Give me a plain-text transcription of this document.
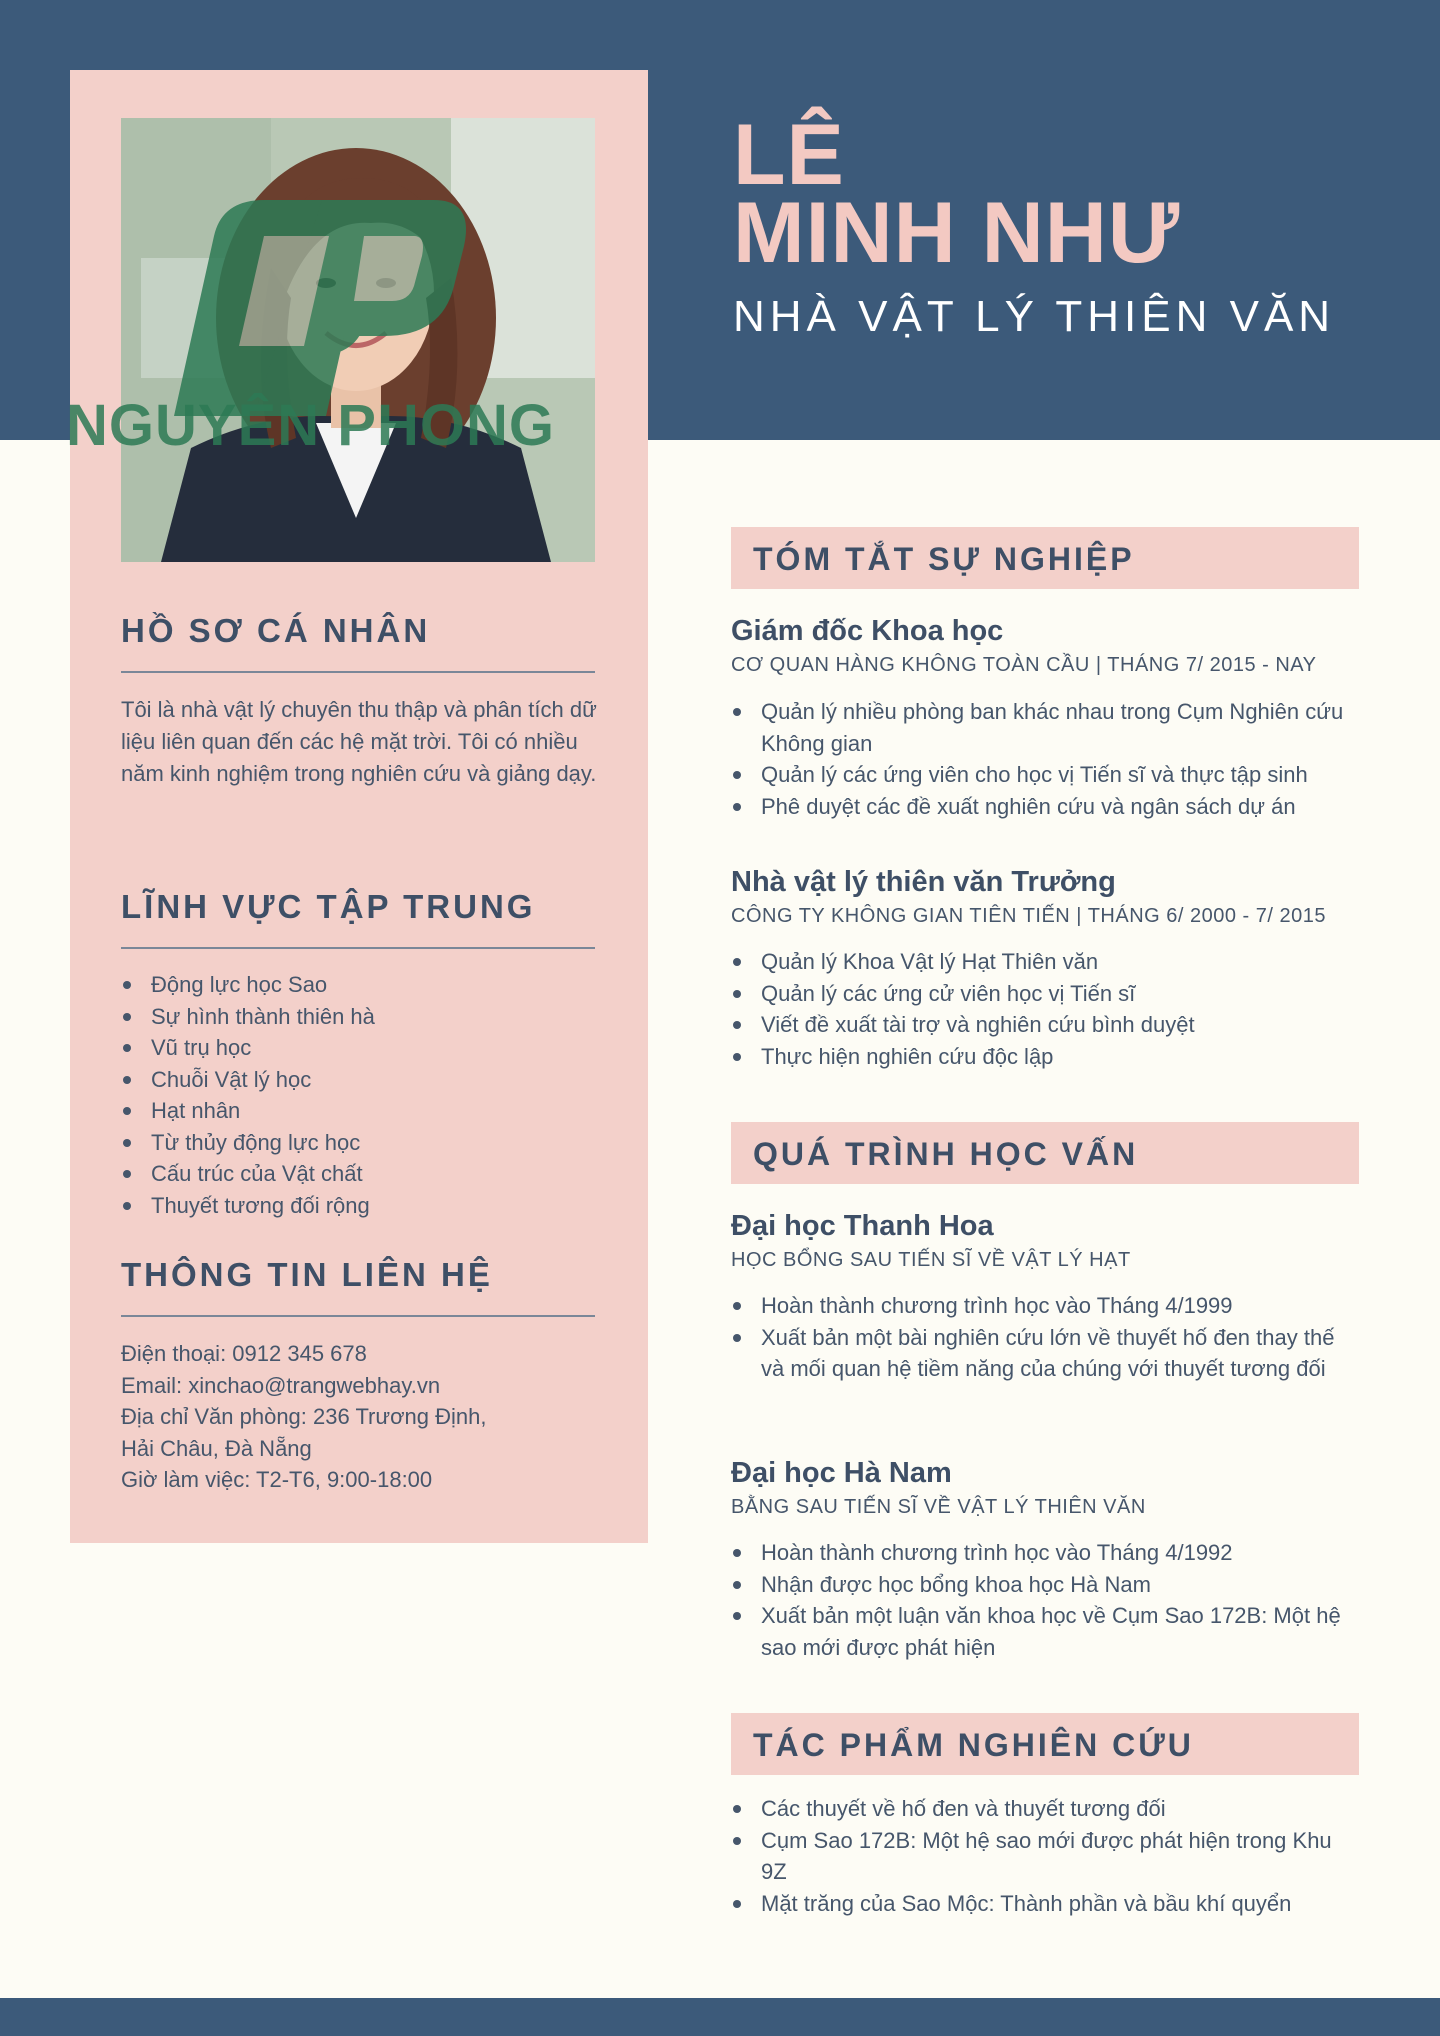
NGUYÊN PHONG
LÊ
MINH NHƯ
NHÀ VẬT LÝ THIÊN VĂN
HỒ SƠ CÁ NHÂN
Tôi là nhà vật lý chuyên thu thập và phân tích dữ liệu liên quan đến các hệ mặt trời. Tôi có nhiều năm kinh nghiệm trong nghiên cứu và giảng dạy.
LĨNH VỰC TẬP TRUNG
Động lực học Sao
Sự hình thành thiên hà
Vũ trụ học
Chuỗi Vật lý học
Hạt nhân
Từ thủy động lực học
Cấu trúc của Vật chất
Thuyết tương đối rộng
THÔNG TIN LIÊN HỆ
Điện thoại: 0912 345 678
Email: xinchao@trangwebhay.vn
Địa chỉ Văn phòng: 236 Trương Định,
Hải Châu, Đà Nẵng
Giờ làm việc: T2-T6, 9:00-18:00
TÓM TẮT SỰ NGHIỆP
Giám đốc Khoa học
CƠ QUAN HÀNG KHÔNG TOÀN CẦU | THÁNG 7/ 2015 - NAY
Quản lý nhiều phòng ban khác nhau trong Cụm Nghiên cứu Không gian
Quản lý các ứng viên cho học vị Tiến sĩ và thực tập sinh
Phê duyệt các đề xuất nghiên cứu và ngân sách dự án
Nhà vật lý thiên văn Trưởng
CÔNG TY KHÔNG GIAN TIÊN TIẾN | THÁNG 6/ 2000 - 7/ 2015
Quản lý Khoa Vật lý Hạt Thiên văn
Quản lý các ứng cử viên học vị Tiến sĩ
Viết đề xuất tài trợ và nghiên cứu bình duyệt
Thực hiện nghiên cứu độc lập
QUÁ TRÌNH HỌC VẤN
Đại học Thanh Hoa
HỌC BỔNG SAU TIẾN SĨ VỀ VẬT LÝ HẠT
Hoàn thành chương trình học vào Tháng 4/1999
Xuất bản một bài nghiên cứu lớn về thuyết hố đen thay thế và mối quan hệ tiềm năng của chúng với thuyết tương đối
Đại học Hà Nam
BẰNG SAU TIẾN SĨ VỀ VẬT LÝ THIÊN VĂN
Hoàn thành chương trình học vào Tháng 4/1992
Nhận được học bổng khoa học Hà Nam
Xuất bản một luận văn khoa học về Cụm Sao 172B: Một hệ sao mới được phát hiện
TÁC PHẨM NGHIÊN CỨU
Các thuyết về hố đen và thuyết tương đối
Cụm Sao 172B: Một hệ sao mới được phát hiện trong Khu 9Z
Mặt trăng của Sao Mộc: Thành phần và bầu khí quyển
